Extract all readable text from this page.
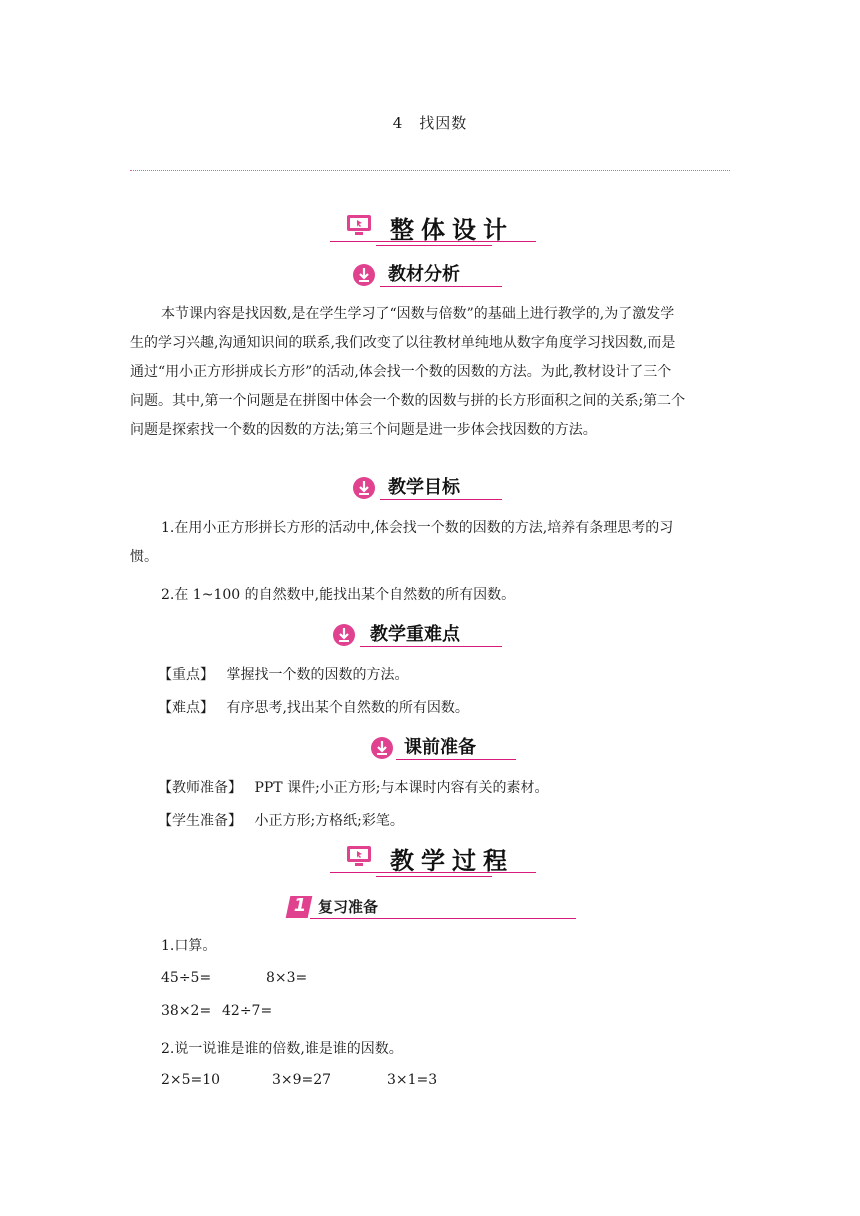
4　找因数
整体设计
教材分析
本节课内容是找因数,是在学生学习了“因数与倍数”的基础上进行教学的,为了激发学
生的学习兴趣,沟通知识间的联系,我们改变了以往教材单纯地从数字角度学习找因数,而是
通过“用小正方形拼成长方形”的活动,体会找一个数的因数的方法。为此,教材设计了三个
问题。其中,第一个问题是在拼图中体会一个数的因数与拼的长方形面积之间的关系;第二个
问题是探索找一个数的因数的方法;第三个问题是进一步体会找因数的方法。
教学目标
1.在用小正方形拼长方形的活动中,体会找一个数的因数的方法,培养有条理思考的习
惯。
2.在 1~100 的自然数中,能找出某个自然数的所有因数。
教学重难点
【重点】 掌握找一个数的因数的方法。
【难点】 有序思考,找出某个自然数的所有因数。
课前准备
【教师准备】 PPT 课件;小正方形;与本课时内容有关的素材。
【学生准备】 小正方形;方格纸;彩笔。
教学过程
1 复习准备
1.口算。
45÷5=	8×3=
38×2= 42÷7=
2.说一说谁是谁的倍数,谁是谁的因数。
2×5=10	3×9=27	3×1=3
